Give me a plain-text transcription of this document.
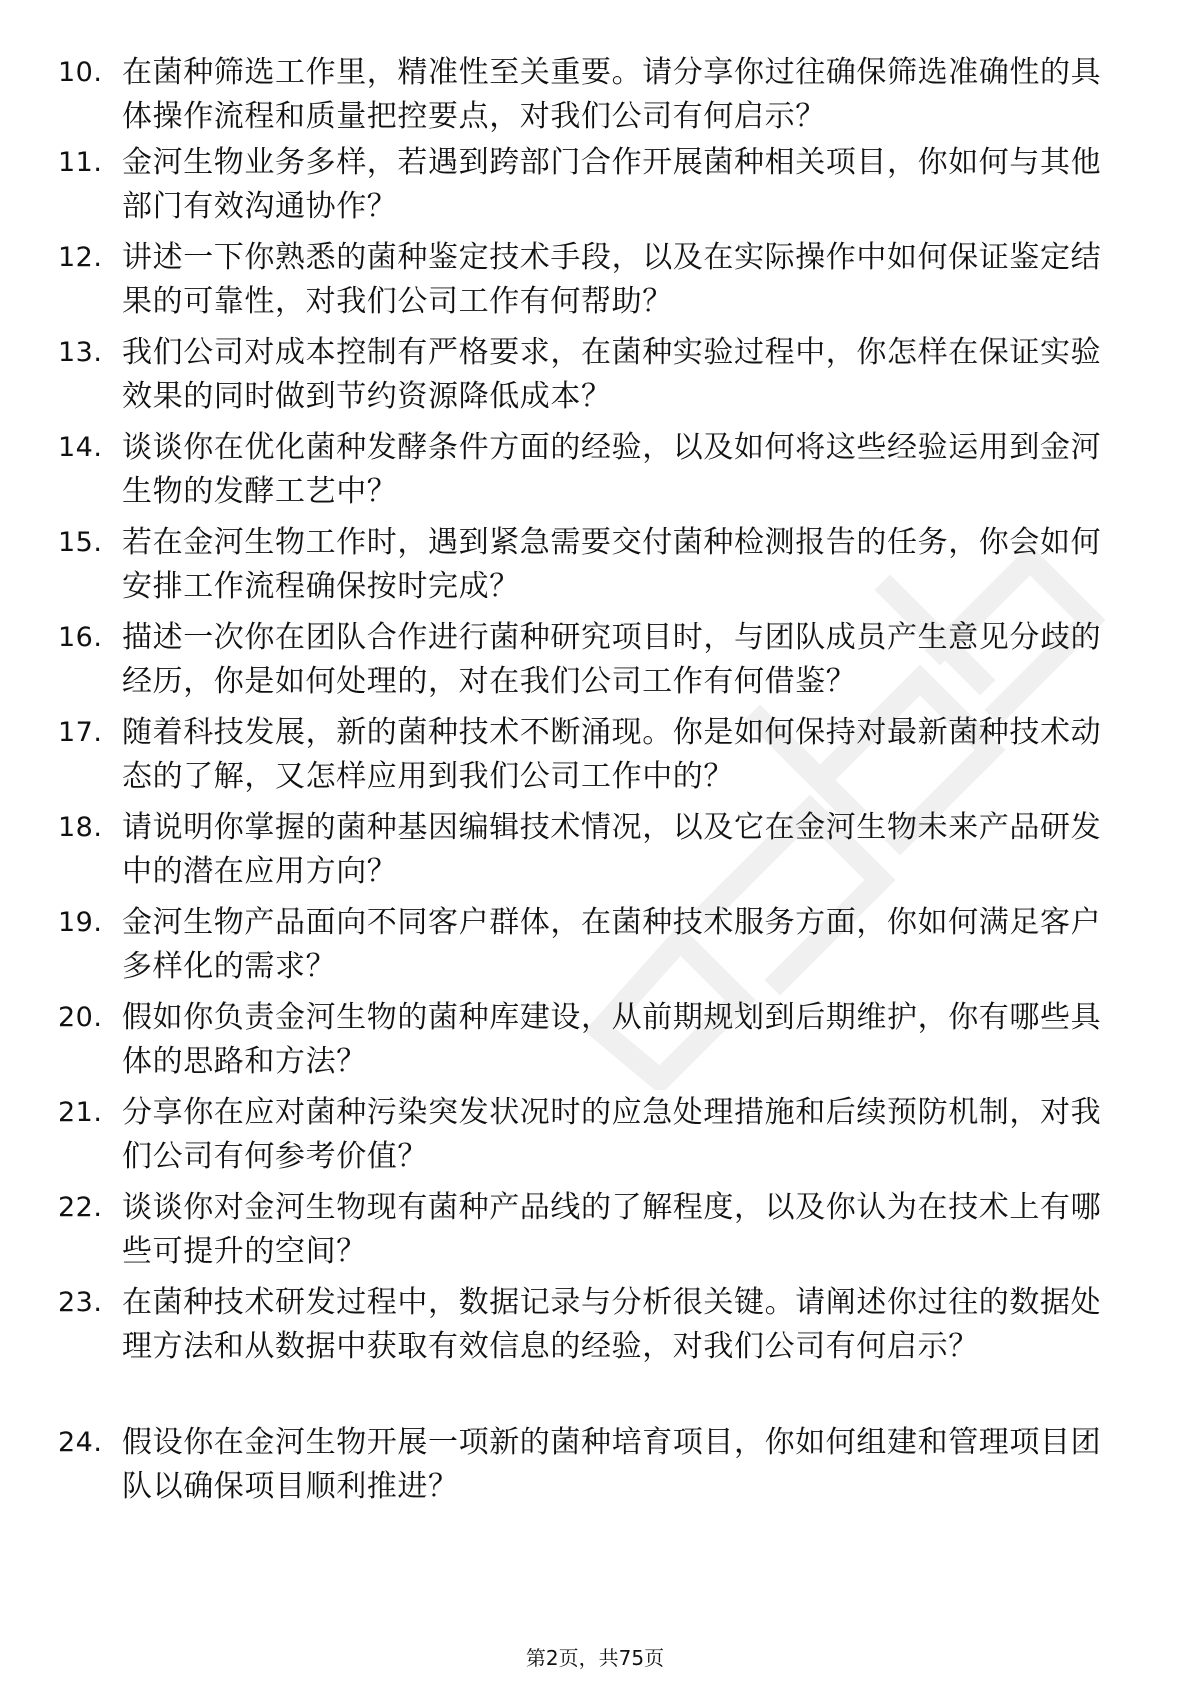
10. 在菌种筛选工作里，精准性至关重要。请分享你过往确保筛选准确性的具体操作流程和质量把控要点，对我们公司有何启示？
11. 金河生物业务多样，若遇到跨部门合作开展菌种相关项目，你如何与其他部门有效沟通协作？
12. 讲述一下你熟悉的菌种鉴定技术手段，以及在实际操作中如何保证鉴定结果的可靠性，对我们公司工作有何帮助？
13. 我们公司对成本控制有严格要求，在菌种实验过程中，你怎样在保证实验效果的同时做到节约资源降低成本？
14. 谈谈你在优化菌种发酵条件方面的经验，以及如何将这些经验运用到金河生物的发酵工艺中？
15. 若在金河生物工作时，遇到紧急需要交付菌种检测报告的任务，你会如何安排工作流程确保按时完成？
16. 描述一次你在团队合作进行菌种研究项目时，与团队成员产生意见分歧的经历，你是如何处理的，对在我们公司工作有何借鉴？
17. 随着科技发展，新的菌种技术不断涌现。你是如何保持对最新菌种技术动态的了解，又怎样应用到我们公司工作中的？
18. 请说明你掌握的菌种基因编辑技术情况，以及它在金河生物未来产品研发中的潜在应用方向？
19. 金河生物产品面向不同客户群体，在菌种技术服务方面，你如何满足客户多样化的需求？
20. 假如你负责金河生物的菌种库建设，从前期规划到后期维护，你有哪些具体的思路和方法？
21. 分享你在应对菌种污染突发状况时的应急处理措施和后续预防机制，对我们公司有何参考价值？
22. 谈谈你对金河生物现有菌种产品线的了解程度，以及你认为在技术上有哪些可提升的空间？
23. 在菌种技术研发过程中，数据记录与分析很关键。请阐述你过往的数据处理方法和从数据中获取有效信息的经验，对我们公司有何启示？
24. 假设你在金河生物开展一项新的菌种培育项目，你如何组建和管理项目团队以确保项目顺利推进？
第2页，共75页
